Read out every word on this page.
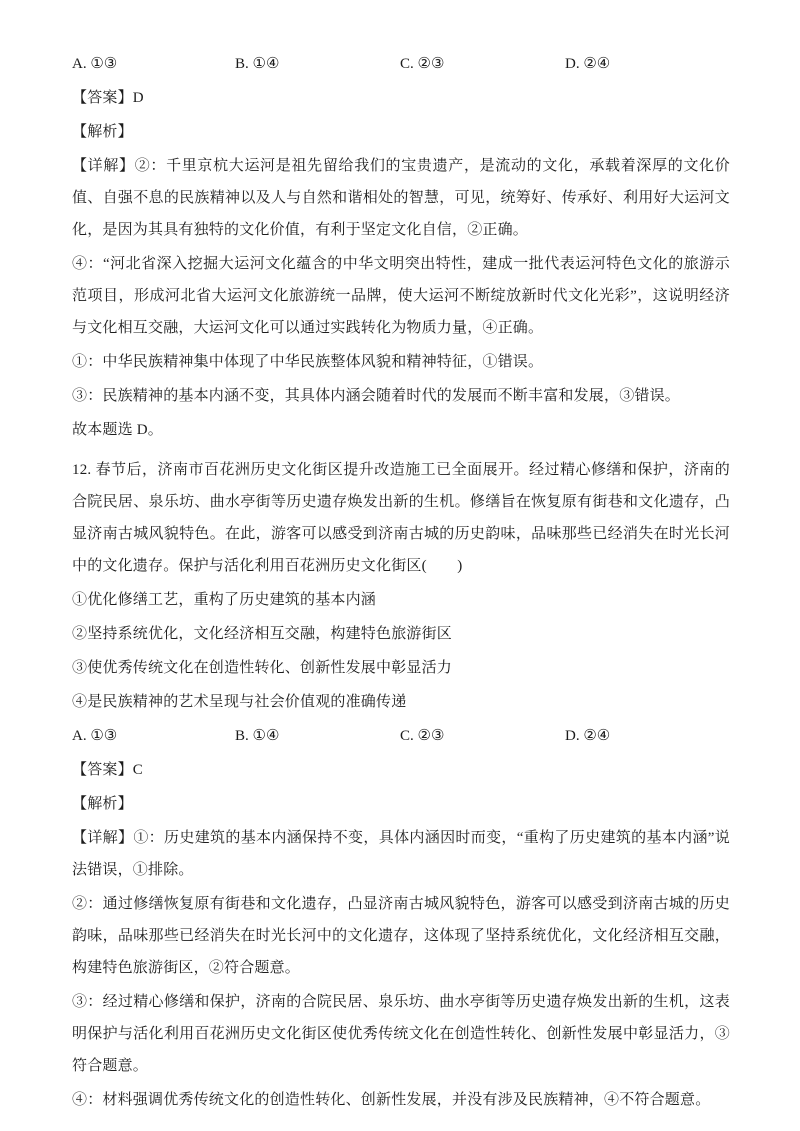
A. ①③	B. ①④	C. ②③	D. ②④

【答案】D

【解析】

【详解】②：千里京杭大运河是祖先留给我们的宝贵遗产，是流动的文化，承载着深厚的文化价值、自强不息的民族精神以及人与自然和谐相处的智慧，可见，统筹好、传承好、利用好大运河文化，是因为其具有独特的文化价值，有利于坚定文化自信，②正确。

④：“河北省深入挖掘大运河文化蕴含的中华文明突出特性，建成一批代表运河特色文化的旅游示范项目，形成河北省大运河文化旅游统一品牌，使大运河不断绽放新时代文化光彩”，这说明经济与文化相互交融，大运河文化可以通过实践转化为物质力量，④正确。

①：中华民族精神集中体现了中华民族整体风貌和精神特征，①错误。

③：民族精神的基本内涵不变，其具体内涵会随着时代的发展而不断丰富和发展，③错误。

故本题选 D。

12. 春节后，济南市百花洲历史文化街区提升改造施工已全面展开。经过精心修缮和保护，济南的合院民居、泉乐坊、曲水亭街等历史遗存焕发出新的生机。修缮旨在恢复原有街巷和文化遗存，凸显济南古城风貌特色。在此，游客可以感受到济南古城的历史韵味，品味那些已经消失在时光长河中的文化遗存。保护与活化利用百花洲历史文化街区(　　)

①优化修缮工艺，重构了历史建筑的基本内涵

②坚持系统优化，文化经济相互交融，构建特色旅游街区

③使优秀传统文化在创造性转化、创新性发展中彰显活力

④是民族精神的艺术呈现与社会价值观的准确传递

A. ①③	B. ①④	C. ②③	D. ②④

【答案】C

【解析】

【详解】①：历史建筑的基本内涵保持不变，具体内涵因时而变，“重构了历史建筑的基本内涵”说法错误，①排除。

②：通过修缮恢复原有街巷和文化遗存，凸显济南古城风貌特色，游客可以感受到济南古城的历史韵味，品味那些已经消失在时光长河中的文化遗存，这体现了坚持系统优化，文化经济相互交融，构建特色旅游街区，②符合题意。

③：经过精心修缮和保护，济南的合院民居、泉乐坊、曲水亭街等历史遗存焕发出新的生机，这表明保护与活化利用百花洲历史文化街区使优秀传统文化在创造性转化、创新性发展中彰显活力，③符合题意。

④：材料强调优秀传统文化的创造性转化、创新性发展，并没有涉及民族精神，④不符合题意。
